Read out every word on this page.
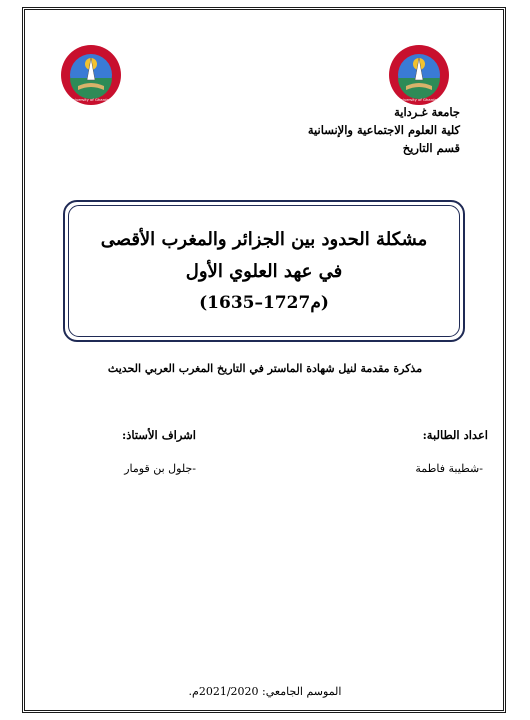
University of Ghardaia	University of Ghardaia
جامعة غـرداية
كلية العلوم الاجتماعية والإنسانية
قسم التاريخ
مشكلة الحدود بين الجزائر والمغرب الأقصى
في عهد العلوي الأول
(1635–1727م)
مذكرة مقدمة لنيل شهادة الماستر في التاريخ المغرب العربي الحديث
اعداد الطالبة:
اشراف الأستاذ:
-شطيبة فاطمة
-جلول بن قومار
الموسم الجامعي: 2021/2020م.
